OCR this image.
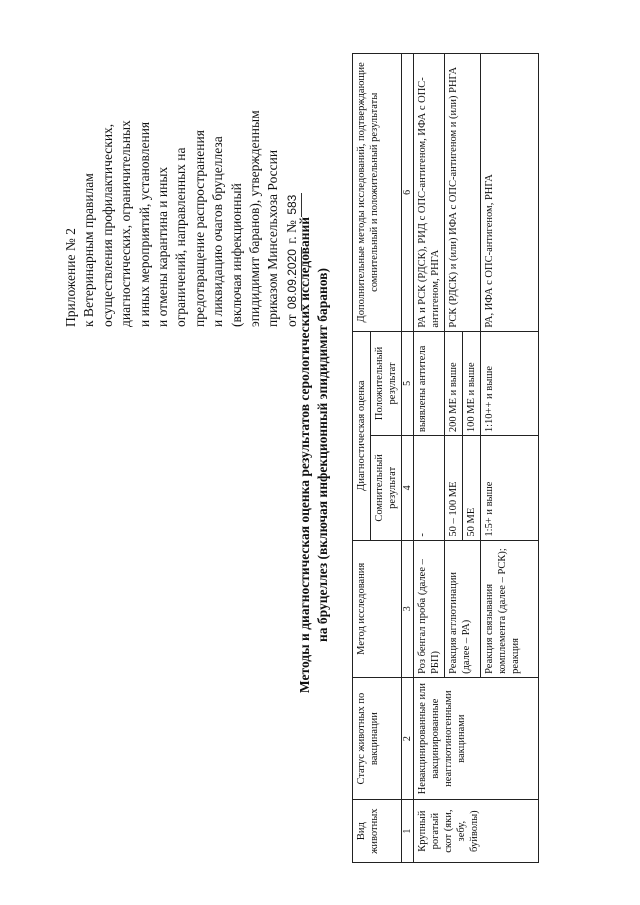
Приложение № 2 к Ветеринарным правилам осуществления профилактических, диагностических, ограничительных и иных мероприятий, установления и отмены карантина и иных ограничений, направленных на предотвращение распространения и ликвидацию очагов бруцеллеза (включая инфекционный эпидидимит баранов), утвержденным приказом Минсельхоза России от 08.09.2020 г. № 583
Методы и диагностическая оценка результатов серологических исследований на бруцеллез (включая инфекционный эпидидимит баранов)
Вид животных	Статус животных по вакцинации	Метод исследования	Диагностическая оценка		Дополнительные методы исследований, подтверждающие сомнительный и положительный результаты
			Сомнительный результат	Положительный результат	
1	2	3	4	5	6
Крупный рогатый скот (яки, зебу, буйволы)	Невакцинированные или вакцинированные неагглютиногенными вакцинами	Роз бенгал проба (далее – РБП)	-	выявлены антитела	РА и РСК (РДСК), РИД с ОПС-антигеном, ИФА с ОПС-антигеном, РНГА
		Реакция агглютинации (далее – РА)	50 – 100 МЕ	200 МЕ и выше	РСК (РДСК) и (или) ИФА с ОПС-антигеном и (или) РНГА
			50 МЕ	100 МЕ и выше	
		Реакция связывания комплемента (далее – РСК); реакция	1:5+ и выше	1:10++ и выше	РА, ИФА с ОПС-антигеном, РНГА
